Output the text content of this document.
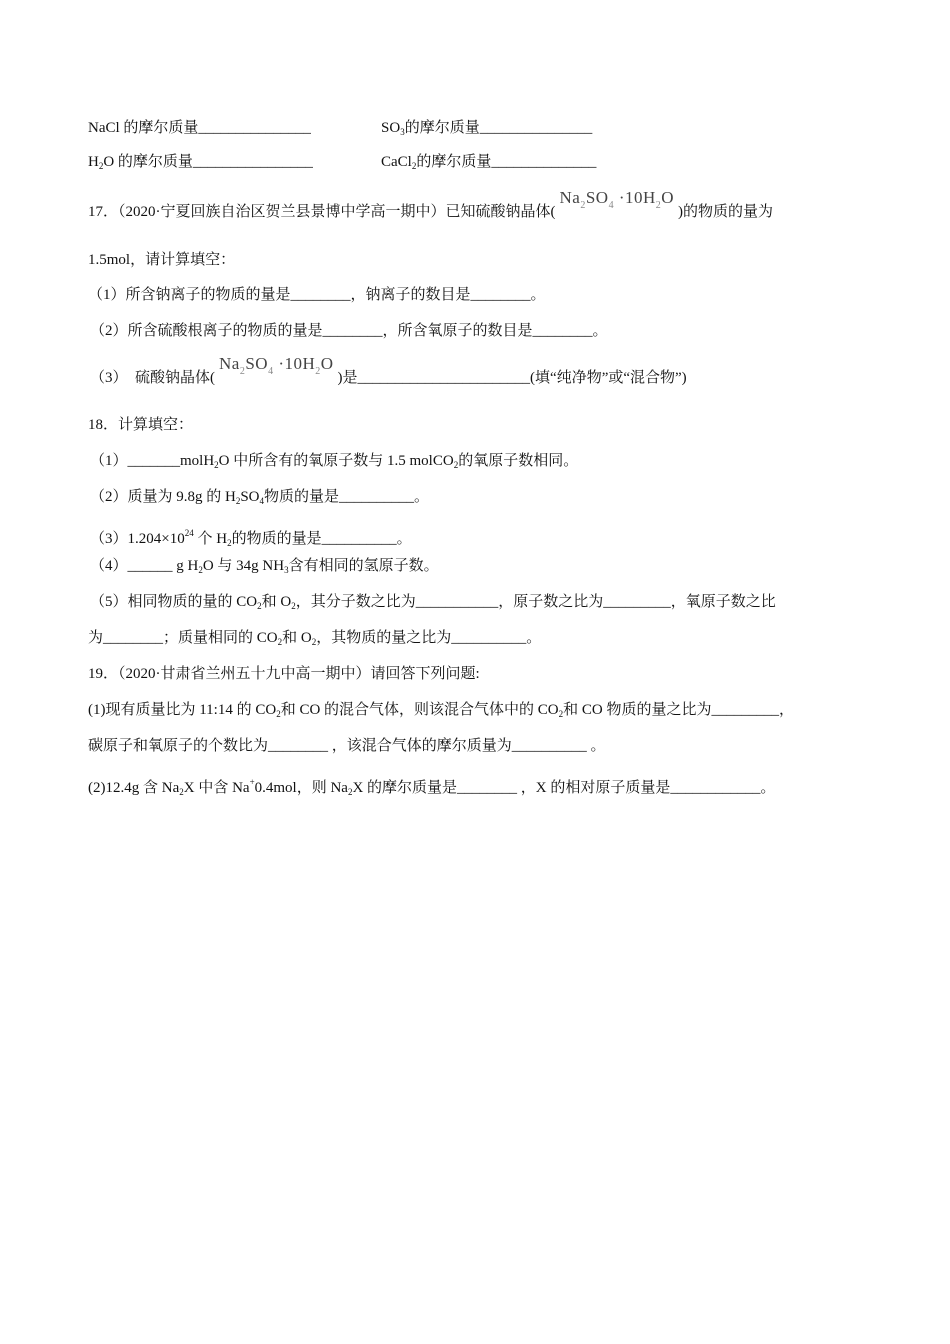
NaCl 的摩尔质量_______________	$SO_3$的摩尔质量_______________
$H_2O$ 的摩尔质量________________	CaCl$_2$的摩尔质量______________
17．（2020·宁夏回族自治区贺兰县景博中学高一期中）已知硫酸钠晶体$(Na_2SO_4 \cdot 10H_2O)$的物质的量为
1.5mol，请计算填空：
（1）所含钠离子的物质的量是________，钠离子的数目是________。
（2）所含硫酸根离子的物质的量是________，所含氧原子的数目是________。
（3）　硫酸钠晶体$(Na_2SO_4 \cdot 10H_2O)$是_______________________(填“纯净物”或“混合物”)
18．计算填空：
（1）_______molH$_2$O 中所含有的氧原子数与 1.5 molCO$_2$的氧原子数相同。
（2）质量为 9.8g 的 $H_2SO_4$物质的量是__________。
$(3)1.204\times 10^{24}$ 个 $H_2$的物质的量是__________。
（4）______ g $H_2O$ 与 34g $NH_3$含有相同的氢原子数。
（5）相同物质的量的 $CO_2$和 $O_2$，其分子数之比为___________，原子数之比为_________，氧原子数之比
为________；质量相同的 $CO_2$和 $O_2$，其物质的量之比为__________。
19．（2020·甘肃省兰州五十九中高一期中）请回答下列问题:
(1)现有质量比为 11:14 的 $CO_2$和 CO 的混合气体，则该混合气体中的 $CO_2$和 CO 物质的量之比为_________，
碳原子和氧原子的个数比为________ ，该混合气体的摩尔质量为__________ 。
(2)12.4g 含 $Na_2X$ 中含 Na+0.4mol，则 $Na_2X$ 的摩尔质量是________ ，X 的相对原子质量是____________。
